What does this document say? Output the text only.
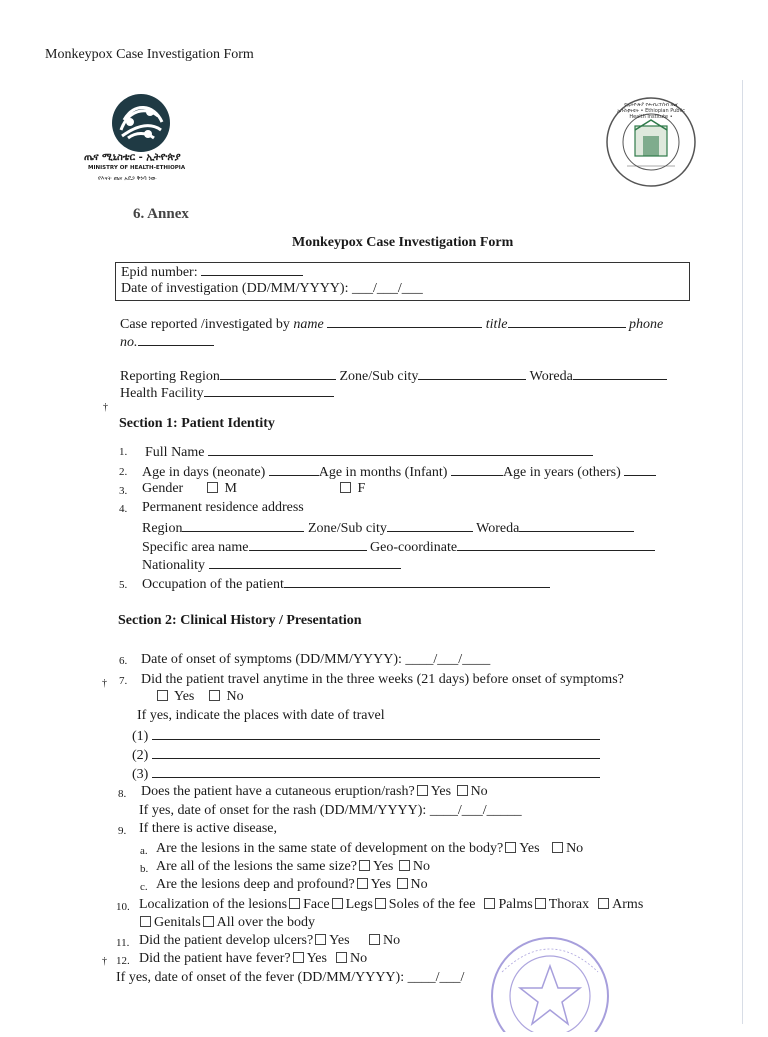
Monkeypox Case Investigation Form
ጤና ሚኒስቴር - ኢትዮጵያ
MINISTRY OF HEALTH-ETHIOPIA
የእናት ጤና አደጋ ቅነሳ ነው
የኢትዮጵያ የሕብረተሰብ ጤና ኢንስቲትዩት • Ethiopian Public Health Institute •
6. Annex
Monkeypox Case Investigation Form
Epid number:
Date of investigation (DD/MM/YYYY): ___/___/___
Case reported /investigated by name	title	phone
no.
Reporting Region	Zone/Sub city	Woreda
Health Facility
†
Section 1: Patient Identity
1. Full Name
2. Age in days (neonate)	Age in months (Infant)	Age in years (others)
3. Gender	M	F
4. Permanent residence address
Region	Zone/Sub city	Woreda
Specific area name	Geo-coordinate
Nationality
5. Occupation of the patient
Section 2: Clinical History / Presentation
6. Date of onset of symptoms (DD/MM/YYYY): ____/___/____
† 7. Did the patient travel anytime in the three weeks (21 days) before onset of symptoms?
Yes	No
If yes, indicate the places with date of travel
(1)
(2)
(3)
8. Does the patient have a cutaneous eruption/rash? Yes No
If yes, date of onset for the rash (DD/MM/YYYY): ____/___/_____
9. If there is active disease,
a. Are the lesions in the same state of development on the body? Yes No
b. Are all of the lesions the same size? Yes No
c. Are the lesions deep and profound? Yes No
10. Localization of the lesions Face Legs Soles of the fee Palms Thorax Arms
Genitals All over the body
11. Did the patient develop ulcers? Yes No
† 12. Did the patient have fever? Yes No
If yes, date of onset of the fever (DD/MM/YYYY): ____/___/
